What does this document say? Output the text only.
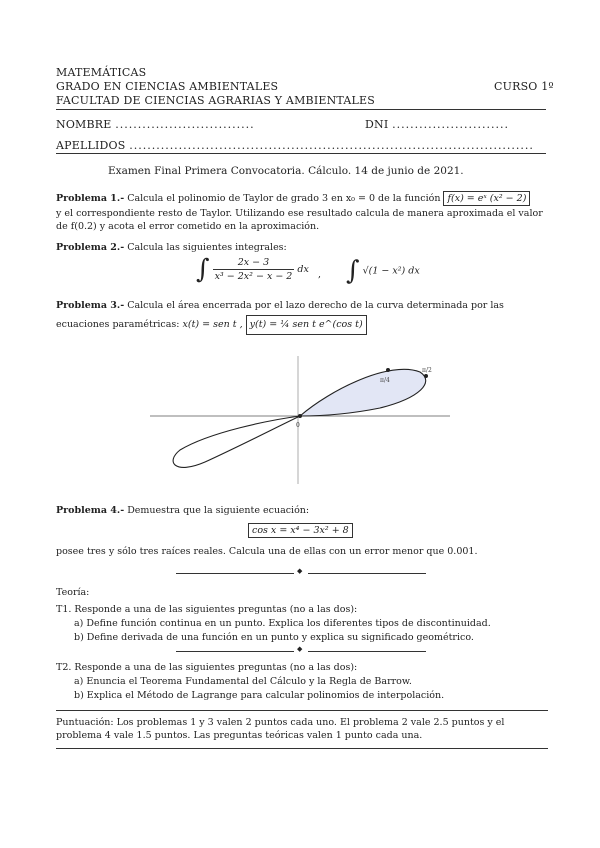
MATEMÁTICAS
GRADO EN CIENCIAS AMBIENTALES	CURSO 1º
FACULTAD DE CIENCIAS AGRARIAS Y AMBIENTALES
NOMBRE ...............................	DNI ..........................
APELLIDOS ..........................................................................................
Examen Final Primera Convocatoria. Cálculo. 14 de junio de 2021.
Problema 1.- Calcula el polinomio de Taylor de grado 3 en x₀ = 0 de la función f(x) = eˣ (x² − 2)
y el correspondiente resto de Taylor. Utilizando ese resultado calcula de manera aproximada el valor de f(0.2) y acota el error cometido en la aproximación.
Problema 2.- Calcula las siguientes integrales:
∫ $\frac{2x - 3}{\text{x³ − 2x² − x − 2}}$ dx , ∫ √(1 − x²) dx
Problema 3.- Calcula el área encerrada por el lazo derecho de la curva determinada por las ecuaciones paramétricas: x(t) = sen t , y(t) = ¼ sen t e^(cos t)
0
π/4
π/2
Problema 4.- Demuestra que la siguiente ecuación:
cos x = x⁴ − 3x² + 8
posee tres y sólo tres raíces reales. Calcula una de ellas con un error menor que 0.001.
◆
Teoría:
T1. Responde a una de las siguientes preguntas (no a las dos):
a) Define función continua en un punto. Explica los diferentes tipos de discontinuidad.
b) Define derivada de una función en un punto y explica su significado geométrico.
◆
T2. Responde a una de las siguientes preguntas (no a las dos):
a) Enuncia el Teorema Fundamental del Cálculo y la Regla de Barrow.
b) Explica el Método de Lagrange para calcular polinomios de interpolación.
Puntuación: Los problemas 1 y 3 valen 2 puntos cada uno. El problema 2 vale 2.5 puntos y el problema 4 vale 1.5 puntos. Las preguntas teóricas valen 1 punto cada una.
